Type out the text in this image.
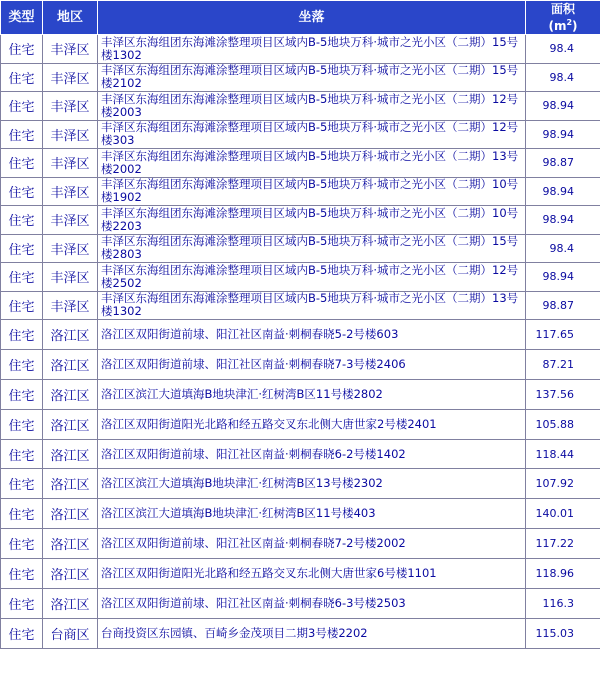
类型	地区	坐落	面积
$(m^2)$
住宅	丰泽区	丰泽区东海组团东海滩涂整理项目区域内B-5地块万科·城市之光小区（二期）15号楼1302	98.4
住宅	丰泽区	丰泽区东海组团东海滩涂整理项目区域内B-5地块万科·城市之光小区（二期）15号楼2102	98.4
住宅	丰泽区	丰泽区东海组团东海滩涂整理项目区域内B-5地块万科·城市之光小区（二期）12号楼2003	98.94
住宅	丰泽区	丰泽区东海组团东海滩涂整理项目区域内B-5地块万科·城市之光小区（二期）12号楼303	98.94
住宅	丰泽区	丰泽区东海组团东海滩涂整理项目区域内B-5地块万科·城市之光小区（二期）13号楼2002	98.87
住宅	丰泽区	丰泽区东海组团东海滩涂整理项目区域内B-5地块万科·城市之光小区（二期）10号楼1902	98.94
住宅	丰泽区	丰泽区东海组团东海滩涂整理项目区域内B-5地块万科·城市之光小区（二期）10号楼2203	98.94
住宅	丰泽区	丰泽区东海组团东海滩涂整理项目区域内B-5地块万科·城市之光小区（二期）15号楼2803	98.4
住宅	丰泽区	丰泽区东海组团东海滩涂整理项目区域内B-5地块万科·城市之光小区（二期）12号楼2502	98.94
住宅	丰泽区	丰泽区东海组团东海滩涂整理项目区域内B-5地块万科·城市之光小区（二期）13号楼1302	98.87
住宅	洛江区	洛江区双阳街道前埭、阳江社区南益·刺桐春晓5-2号楼603	117.65
住宅	洛江区	洛江区双阳街道前埭、阳江社区南益·刺桐春晓7-3号楼2406	87.21
住宅	洛江区	洛江区滨江大道填海B地块津汇·红树湾B区11号楼2802	137.56
住宅	洛江区	洛江区双阳街道阳光北路和经五路交叉东北侧大唐世家2号楼2401	105.88
住宅	洛江区	洛江区双阳街道前埭、阳江社区南益·刺桐春晓6-2号楼1402	118.44
住宅	洛江区	洛江区滨江大道填海B地块津汇·红树湾B区13号楼2302	107.92
住宅	洛江区	洛江区滨江大道填海B地块津汇·红树湾B区11号楼403	140.01
住宅	洛江区	洛江区双阳街道前埭、阳江社区南益·刺桐春晓7-2号楼2002	117.22
住宅	洛江区	洛江区双阳街道阳光北路和经五路交叉东北侧大唐世家6号楼1101	118.96
住宅	洛江区	洛江区双阳街道前埭、阳江社区南益·刺桐春晓6-3号楼2503	116.3
住宅	台商区	台商投资区东园镇、百崎乡金茂项目二期3号楼2202	115.03
